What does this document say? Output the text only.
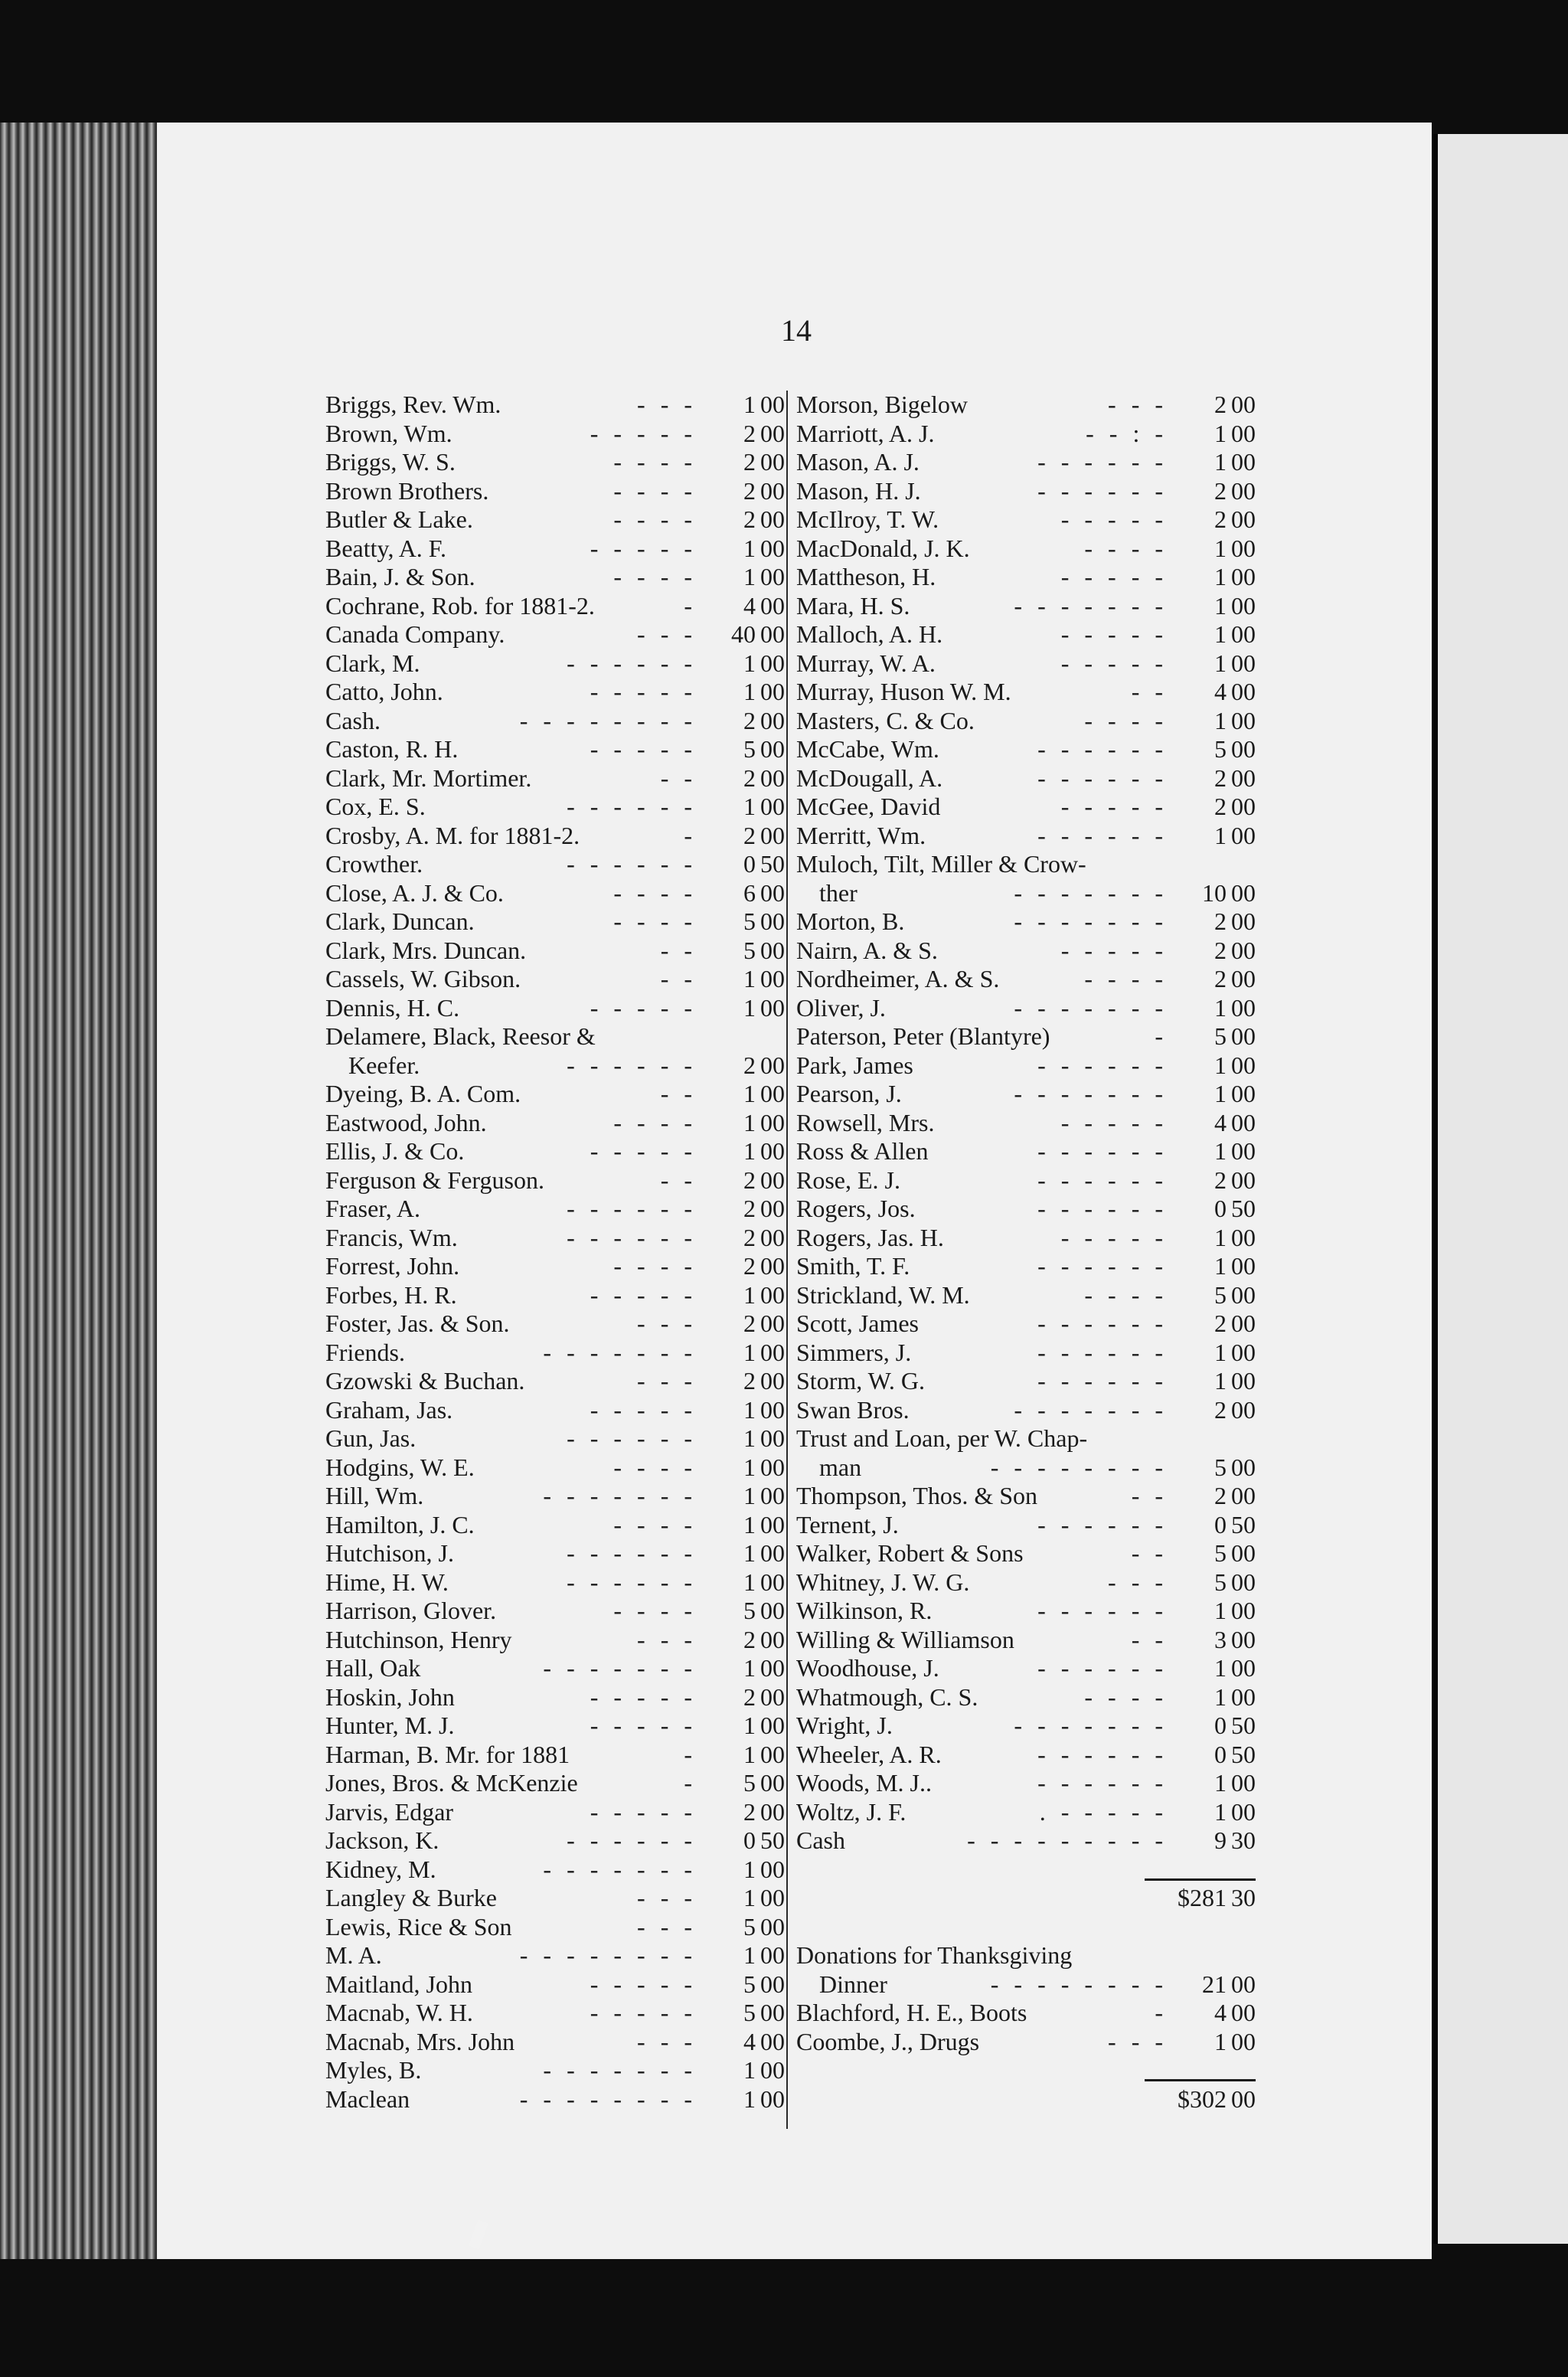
14
Briggs, Rev. Wm.	- - -	1 00
Brown, Wm.	- - - - -	2 00
Briggs, W. S.	- - - -	2 00
Brown Brothers.	- - - -	2 00
Butler & Lake.	- - - -	2 00
Beatty, A. F.	- - - - -	1 00
Bain, J. & Son.	- - - -	1 00
Cochrane, Rob. for 1881-2.	-	4 00
Canada Company.	- - -	40 00
Clark, M.	- - - - - -	1 00
Catto, John.	- - - - -	1 00
Cash.	- - - - - - - -	2 00
Caston, R. H.	- - - - -	5 00
Clark, Mr. Mortimer.	- -	2 00
Cox, E. S.	- - - - - -	1 00
Crosby, A. M. for 1881-2.	-	2 00
Crowther.	- - - - - -	0 50
Close, A. J. & Co.	- - - -	6 00
Clark, Duncan.	- - - -	5 00
Clark, Mrs. Duncan.	- -	5 00
Cassels, W. Gibson.	- -	1 00
Dennis, H. C.	- - - - -	1 00
Delamere, Black, Reesor &
Keefer.	- - - - - -	2 00
Dyeing, B. A. Com.	- -	1 00
Eastwood, John.	- - - -	1 00
Ellis, J. & Co.	- - - - -	1 00
Ferguson & Ferguson.	- -	2 00
Fraser, A.	- - - - - -	2 00
Francis, Wm.	- - - - - -	2 00
Forrest, John.	- - - -	2 00
Forbes, H. R.	- - - - -	1 00
Foster, Jas. & Son.	- - -	2 00
Friends.	- - - - - - -	1 00
Gzowski & Buchan.	- - -	2 00
Graham, Jas.	- - - - -	1 00
Gun, Jas.	- - - - - -	1 00
Hodgins, W. E.	- - - -	1 00
Hill, Wm.	- - - - - - -	1 00
Hamilton, J. C.	- - - -	1 00
Hutchison, J.	- - - - - -	1 00
Hime, H. W.	- - - - - -	1 00
Harrison, Glover.	- - - -	5 00
Hutchinson, Henry	- - -	2 00
Hall, Oak	- - - - - - -	1 00
Hoskin, John	- - - - -	2 00
Hunter, M. J.	- - - - -	1 00
Harman, B. Mr. for 1881	-	1 00
Jones, Bros. & McKenzie	-	5 00
Jarvis, Edgar	- - - - -	2 00
Jackson, K.	- - - - - -	0 50
Kidney, M.	- - - - - - -	1 00
Langley & Burke	- - -	1 00
Lewis, Rice & Son	- - -	5 00
M. A.	- - - - - - - -	1 00
Maitland, John	- - - - -	5 00
Macnab, W. H.	- - - - -	5 00
Macnab, Mrs. John	- - -	4 00
Myles, B.	- - - - - - -	1 00
Maclean	- - - - - - - -	1 00
Morson, Bigelow	- - -	2 00
Marriott, A. J.	- - : -	1 00
Mason, A. J.	- - - - - -	1 00
Mason, H. J.	- - - - - -	2 00
McIlroy, T. W.	- - - - -	2 00
MacDonald, J. K.	- - - -	1 00
Mattheson, H.	- - - - -	1 00
Mara, H. S.	- - - - - - -	1 00
Malloch, A. H.	- - - - -	1 00
Murray, W. A.	- - - - -	1 00
Murray, Huson W. M.	- -	4 00
Masters, C. & Co.	- - - -	1 00
McCabe, Wm.	- - - - - -	5 00
McDougall, A.	- - - - - -	2 00
McGee, David	- - - - -	2 00
Merritt, Wm.	- - - - - -	1 00
Muloch, Tilt, Miller & Crow-
ther	- - - - - - -	10 00
Morton, B.	- - - - - - -	2 00
Nairn, A. & S.	- - - - -	2 00
Nordheimer, A. & S.	- - - -	2 00
Oliver, J.	- - - - - - -	1 00
Paterson, Peter (Blantyre)	-	5 00
Park, James	- - - - - -	1 00
Pearson, J.	- - - - - - -	1 00
Rowsell, Mrs.	- - - - -	4 00
Ross & Allen	- - - - - -	1 00
Rose, E. J.	- - - - - -	2 00
Rogers, Jos.	- - - - - -	0 50
Rogers, Jas. H.	- - - - -	1 00
Smith, T. F.	- - - - - -	1 00
Strickland, W. M.	- - - -	5 00
Scott, James	- - - - - -	2 00
Simmers, J.	- - - - - -	1 00
Storm, W. G.	- - - - - -	1 00
Swan Bros.	- - - - - - -	2 00
Trust and Loan, per W. Chap-
man	- - - - - - - -	5 00
Thompson, Thos. & Son	- -	2 00
Ternent, J.	- - - - - -	0 50
Walker, Robert & Sons	- -	5 00
Whitney, J. W. G.	- - -	5 00
Wilkinson, R.	- - - - - -	1 00
Willing & Williamson	- -	3 00
Woodhouse, J.	- - - - - -	1 00
Whatmough, C. S.	- - - -	1 00
Wright, J.	- - - - - - -	0 50
Wheeler, A. R.	- - - - - -	0 50
Woods, M. J..	- - - - - -	1 00
Woltz, J. F.	. - - - - -	1 00
Cash	- - - - - - - - -	9 30
$281 30
Donations for Thanksgiving
Dinner	- - - - - - - -	21 00
Blachford, H. E., Boots	-	4 00
Coombe, J., Drugs	- - -	1 00
$302 00
